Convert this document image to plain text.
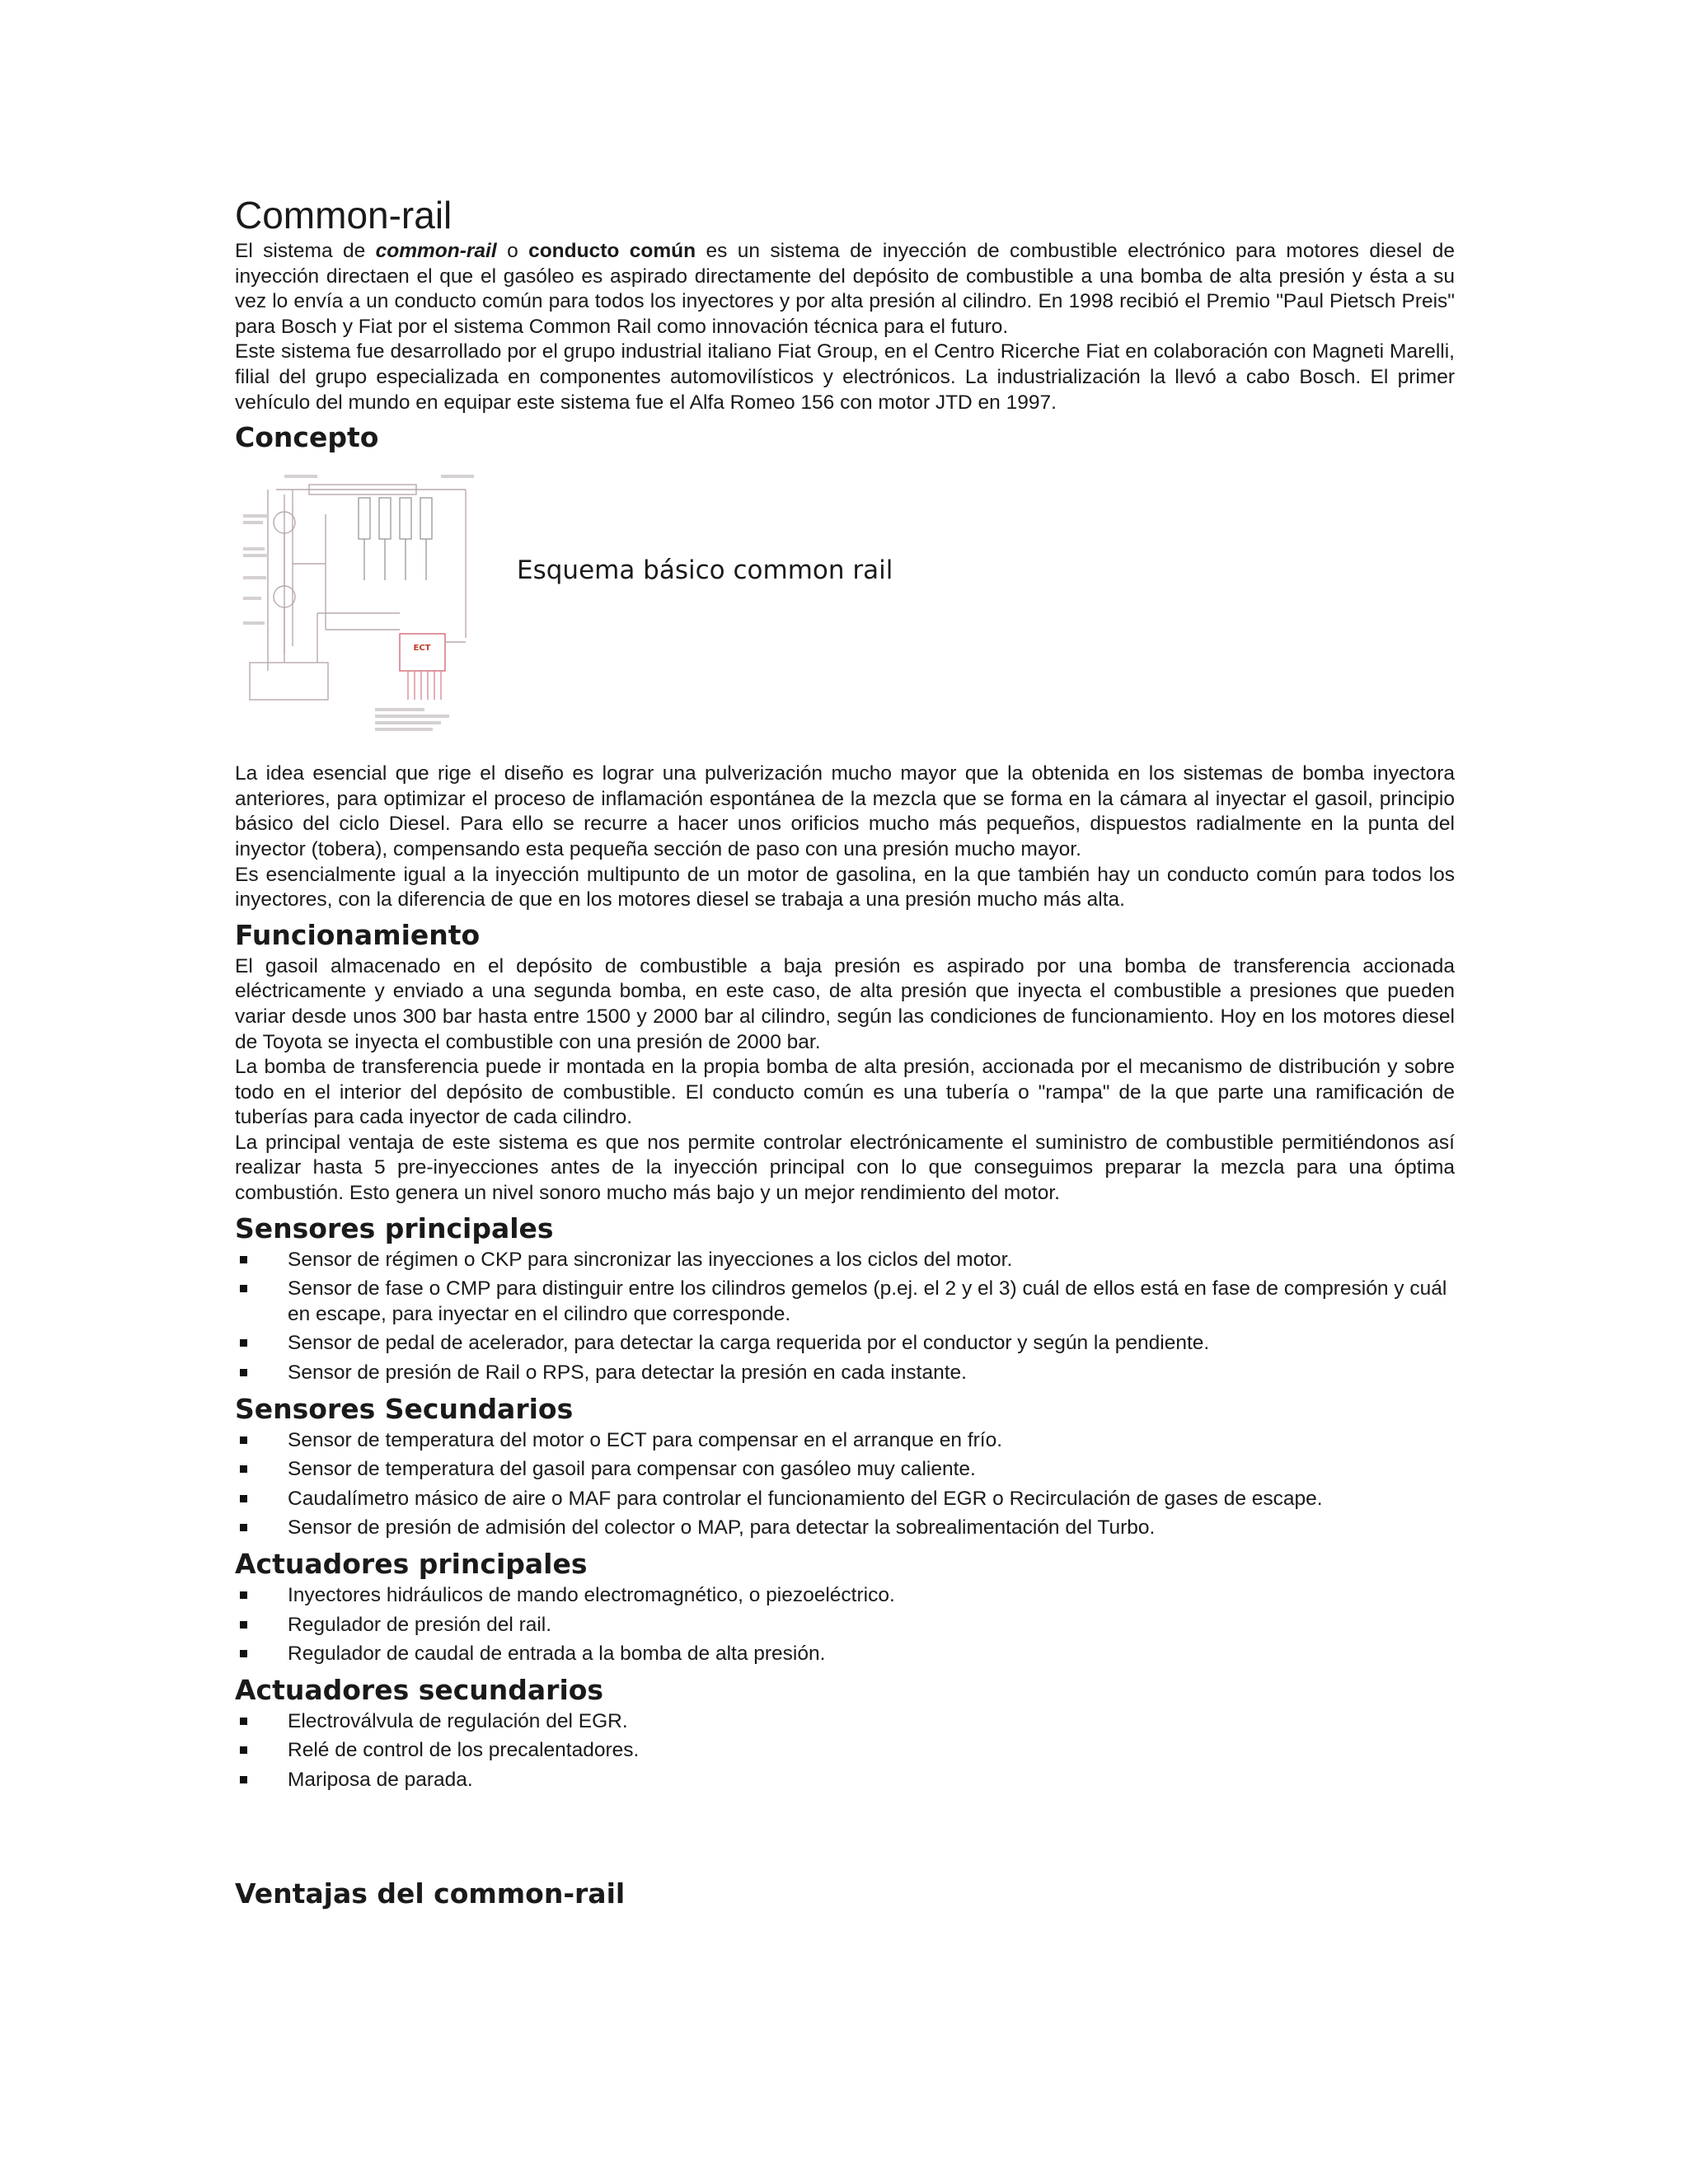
Common-rail

El sistema de common-rail o conducto común es un sistema de inyección de combustible electrónico para motores diesel de inyección directaen el que el gasóleo es aspirado directamente del depósito de combustible a una bomba de alta presión y ésta a su vez lo envía a un conducto común para todos los inyectores y por alta presión al cilindro. En 1998 recibió el Premio "Paul Pietsch Preis" para Bosch y Fiat por el sistema Common Rail como innovación técnica para el futuro.

Este sistema fue desarrollado por el grupo industrial italiano Fiat Group, en el Centro Ricerche Fiat en colaboración con Magneti Marelli, filial del grupo especializada en componentes automovilísticos y electrónicos. La industrialización la llevó a cabo Bosch. El primer vehículo del mundo en equipar este sistema fue el Alfa Romeo 156 con motor JTD en 1997.

Concepto
ECT
Esquema básico common rail

La idea esencial que rige el diseño es lograr una pulverización mucho mayor que la obtenida en los sistemas de bomba inyectora anteriores, para optimizar el proceso de inflamación espontánea de la mezcla que se forma en la cámara al inyectar el gasoil, principio básico del ciclo Diesel. Para ello se recurre a hacer unos orificios mucho más pequeños, dispuestos radialmente en la punta del inyector (tobera), compensando esta pequeña sección de paso con una presión mucho mayor.

Es esencialmente igual a la inyección multipunto de un motor de gasolina, en la que también hay un conducto común para todos los inyectores, con la diferencia de que en los motores diesel se trabaja a una presión mucho más alta.

Funcionamiento

El gasoil almacenado en el depósito de combustible a baja presión es aspirado por una bomba de transferencia accionada eléctricamente y enviado a una segunda bomba, en este caso, de alta presión que inyecta el combustible a presiones que pueden variar desde unos 300 bar hasta entre 1500 y 2000 bar al cilindro, según las condiciones de funcionamiento. Hoy en los motores diesel de Toyota se inyecta el combustible con una presión de 2000 bar.

La bomba de transferencia puede ir montada en la propia bomba de alta presión, accionada por el mecanismo de distribución y sobre todo en el interior del depósito de combustible. El conducto común es una tubería o "rampa" de la que parte una ramificación de tuberías para cada inyector de cada cilindro.

La principal ventaja de este sistema es que nos permite controlar electrónicamente el suministro de combustible permitiéndonos así realizar hasta 5 pre-inyecciones antes de la inyección principal con lo que conseguimos preparar la mezcla para una óptima combustión. Esto genera un nivel sonoro mucho más bajo y un mejor rendimiento del motor.

Sensores principales
Sensor de régimen o CKP para sincronizar las inyecciones a los ciclos del motor.
Sensor de fase o CMP para distinguir entre los cilindros gemelos (p.ej. el 2 y el 3) cuál de ellos está en fase de compresión y cuál en escape, para inyectar en el cilindro que corresponde.
Sensor de pedal de acelerador, para detectar la carga requerida por el conductor y según la pendiente.
Sensor de presión de Rail o RPS, para detectar la presión en cada instante.
Sensores Secundarios
Sensor de temperatura del motor o ECT para compensar en el arranque en frío.
Sensor de temperatura del gasoil para compensar con gasóleo muy caliente.
Caudalímetro másico de aire o MAF para controlar el funcionamiento del EGR o Recirculación de gases de escape.
Sensor de presión de admisión del colector o MAP, para detectar la sobrealimentación del Turbo.
Actuadores principales
Inyectores hidráulicos de mando electromagnético, o piezoeléctrico.
Regulador de presión del rail.
Regulador de caudal de entrada a la bomba de alta presión.
Actuadores secundarios
Electroválvula de regulación del EGR.
Relé de control de los precalentadores.
Mariposa de parada.
Ventajas del common-rail
